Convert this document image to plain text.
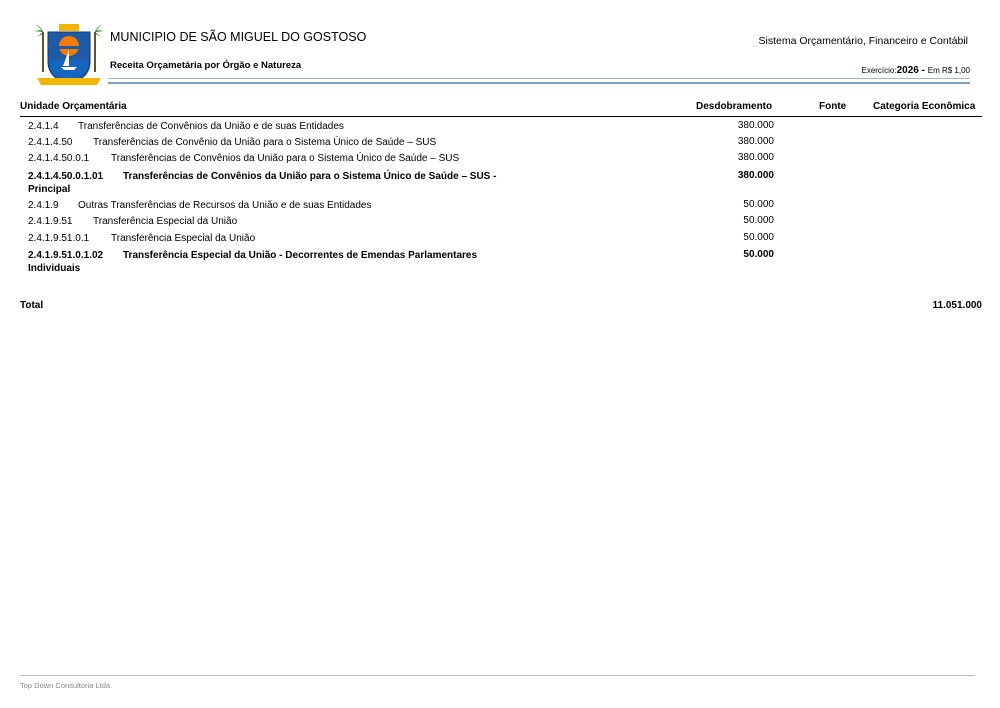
MUNICIPIO DE SÃO MIGUEL DO GOSTOSO
Receita Orçametária por Órgão e Natureza
Sistema Orçamentário, Financeiro e Contábil
Exercício:2026 - Em R$ 1,00
Unidade Orçamentária	Desdobramento	Fonte	Categoria Econômica
2.4.1.4 Transferências de Convênios da União e de suas Entidades	380.000
2.4.1.4.50 Transferências de Convênio da União para o Sistema Único de Saúde – SUS	380.000
2.4.1.4.50.0.1 Transferências de Convênios da União para o Sistema Único de Saúde – SUS	380.000
2.4.1.4.50.0.1.01 Transferências de Convênios da União para o Sistema Único de Saúde – SUS -
Principal
380.000
2.4.1.9 Outras Transferências de Recursos da União e de suas Entidades	50.000
2.4.1.9.51 Transferência Especial da União	50.000
2.4.1.9.51.0.1 Transferência Especial da União	50.000
2.4.1.9.51.0.1.02 Transferência Especial da União - Decorrentes de Emendas Parlamentares
Individuais
50.000
Total	11.051.000
Top Down Consultoria Ltda.
